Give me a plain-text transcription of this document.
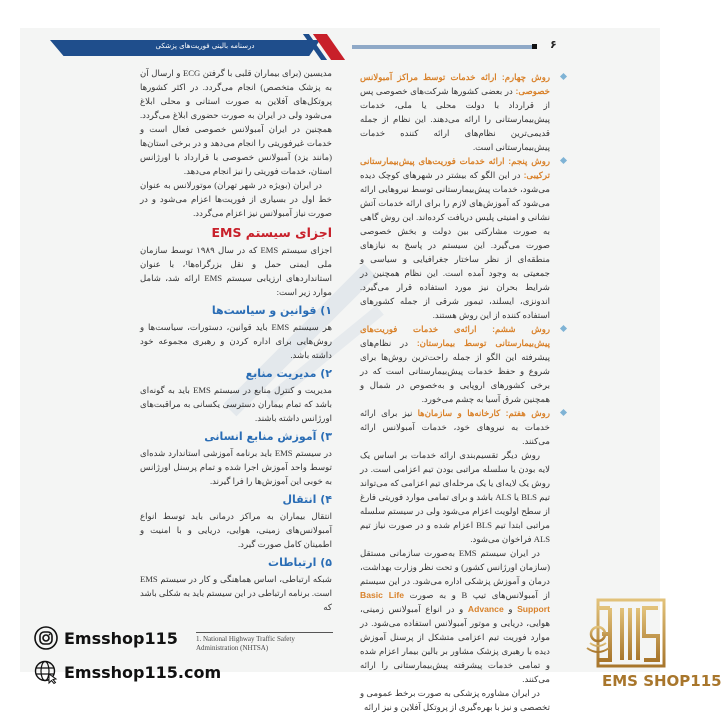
درسنامه بالینی فوریت‌های پزشکی	۶

روش چهارم: ارائه خدمات توسط مراکز آمبولانس خصوصی: در بعضی کشورها شرکت‌های خصوصی پس از قرارداد با دولت محلی یا ملی، خدمات پیش‌بیمارستانی را ارائه می‌دهند. این نظام از جمله قدیمی‌ترین نظام‌های ارائه کننده خدمات پیش‌بیمارستانی است.

روش پنجم: ارائه خدمات فوریت‌های پیش‌بیمارستانی ترکیبی: در این الگو که بیشتر در شهرهای کوچک دیده می‌شود، خدمات پیش‌بیمارستانی توسط نیروهایی ارائه می‌شود که آموزش‌های لازم را برای ارائه خدمات آتش نشانی و امنیتی پلیس دریافت کرده‌اند. این روش گاهی به صورت مشارکتی بین دولت و بخش خصوصی صورت می‌گیرد. این سیستم در پاسخ به نیازهای منطقه‌ای از نظر ساختار جغرافیایی و سیاسی و جمعیتی به وجود آمده است. این نظام همچنین در شرایط بحران نیز مورد استفاده قرار می‌گیرد. اندونزی، ایسلند، تیمور شرقی از جمله کشورهای استفاده کننده از این روش هستند.

روش ششم: ارائه‌ی خدمات فوریت‌های پیش‌بیمارستانی توسط بیمارستان: در نظام‌های پیشرفته این الگو از جمله راحت‌ترین روش‌ها برای شروع و حفظ خدمات پیش‌بیمارستانی است که در برخی کشورهای اروپایی و به‌خصوص در شمال و همچنین شرق آسیا به چشم می‌خورد.

روش هفتم: کارخانه‌ها و سازمان‌ها نیز برای ارائه خدمات به نیروهای خود، خدمات آمبولانس ارائه می‌کنند.

روش دیگر تقسیم‌بندی ارائه خدمات بر اساس یک لایه بودن یا سلسله مراتبی بودن تیم اعزامی است. در روش یک لایه‌ای یا یک مرحله‌ای تیم اعزامی که می‌تواند تیم BLS یا ALS باشد و برای تمامی موارد فوریتی فارغ از سطح اولویت اعزام می‌شود ولی در سیستم سلسله مراتبی ابتدا تیم BLS اعزام شده و در صورت نیاز تیم ALS فراخوان می‌شود.

در ایران سیستم EMS به‌صورت سازمانی مستقل (سازمان اورژانس کشور) و تحت نظر وزارت بهداشت، درمان و آموزش پزشکی اداره می‌شود. در این سیستم از آمبولانس‌های تیپ B و به صورت Basic Life Support و Advance و در انواع آمبولانس زمینی، هوایی، دریایی و موتور آمبولانس استفاده می‌شود. در موارد فوریت تیم اعزامی متشکل از پرسنل آموزش دیده با رهبری پزشک مشاور بر بالین بیمار اعزام شده و تمامی خدمات پیشرفته پیش‌بیمارستانی را ارائه می‌کنند.

در ایران مشاوره پزشکی به صورت برخط عمومی و تخصصی و نیز با بهره‌گیری از پروتکل آفلاین و نیز ارائه

مدیسین (برای بیماران قلبی با گرفتن ECG و ارسال آن به پزشک متخصص) انجام می‌گردد. در اکثر کشورها پروتکل‌های آفلاین به صورت استانی و محلی ابلاغ می‌شود ولی در ایران به صورت حضوری ابلاغ می‌گردد. همچنین در ایران آمبولانس خصوصی فعال است و خدمات غیرفوریتی را انجام می‌دهد و در برخی استان‌ها (مانند یزد) آمبولانس خصوصی با قرارداد با اورژانس استان، خدمات فوریتی را نیز انجام می‌دهد.

در ایران (بویژه در شهر تهران) موتورلانس به عنوان خط اول در بسیاری از فوریت‌ها اعزام می‌شود و در صورت نیاز آمبولانس نیز اعزام می‌گردد.

اجزای سیستم EMS

اجزای سیستم EMS که در سال ۱۹۸۹ توسط سازمان ملی ایمنی حمل و نقل بزرگراه‌ها¹، با عنوان استانداردهای ارزیابی سیستم EMS ارائه شد، شامل موارد زیر است:

۱) قوانین و سیاست‌ها

هر سیستم EMS باید قوانین، دستورات، سیاست‌ها و روش‌هایی برای اداره کردن و رهبری مجموعه خود داشته باشد.

۲) مدیریت منابع

مدیریت و کنترل منابع در سیستم EMS باید به گونه‌ای باشد که تمام بیماران دسترسی یکسانی به مراقبت‌های اورژانس داشته باشند.

۳) آموزش منابع انسانی

در سیستم EMS باید برنامه آموزشی استاندارد شده‌ای توسط واحد آموزش اجرا شده و تمام پرسنل اورژانس به خوبی این آموزش‌ها را فرا گیرند.

۴) انتقال

انتقال بیماران به مراکز درمانی باید توسط انواع آمبولانس‌های زمینی، هوایی، دریایی و با امنیت و اطمینان کامل صورت گیرد.

۵) ارتباطات

شبکه ارتباطی، اساس هماهنگی و کار در سیستم EMS است. برنامه ارتباطی در این سیستم باید به شکلی باشد که

1. National Highway Traffic Safety Administration (NHTSA)
Emsshop115
Emsshop115.com	EMS SHOP115
